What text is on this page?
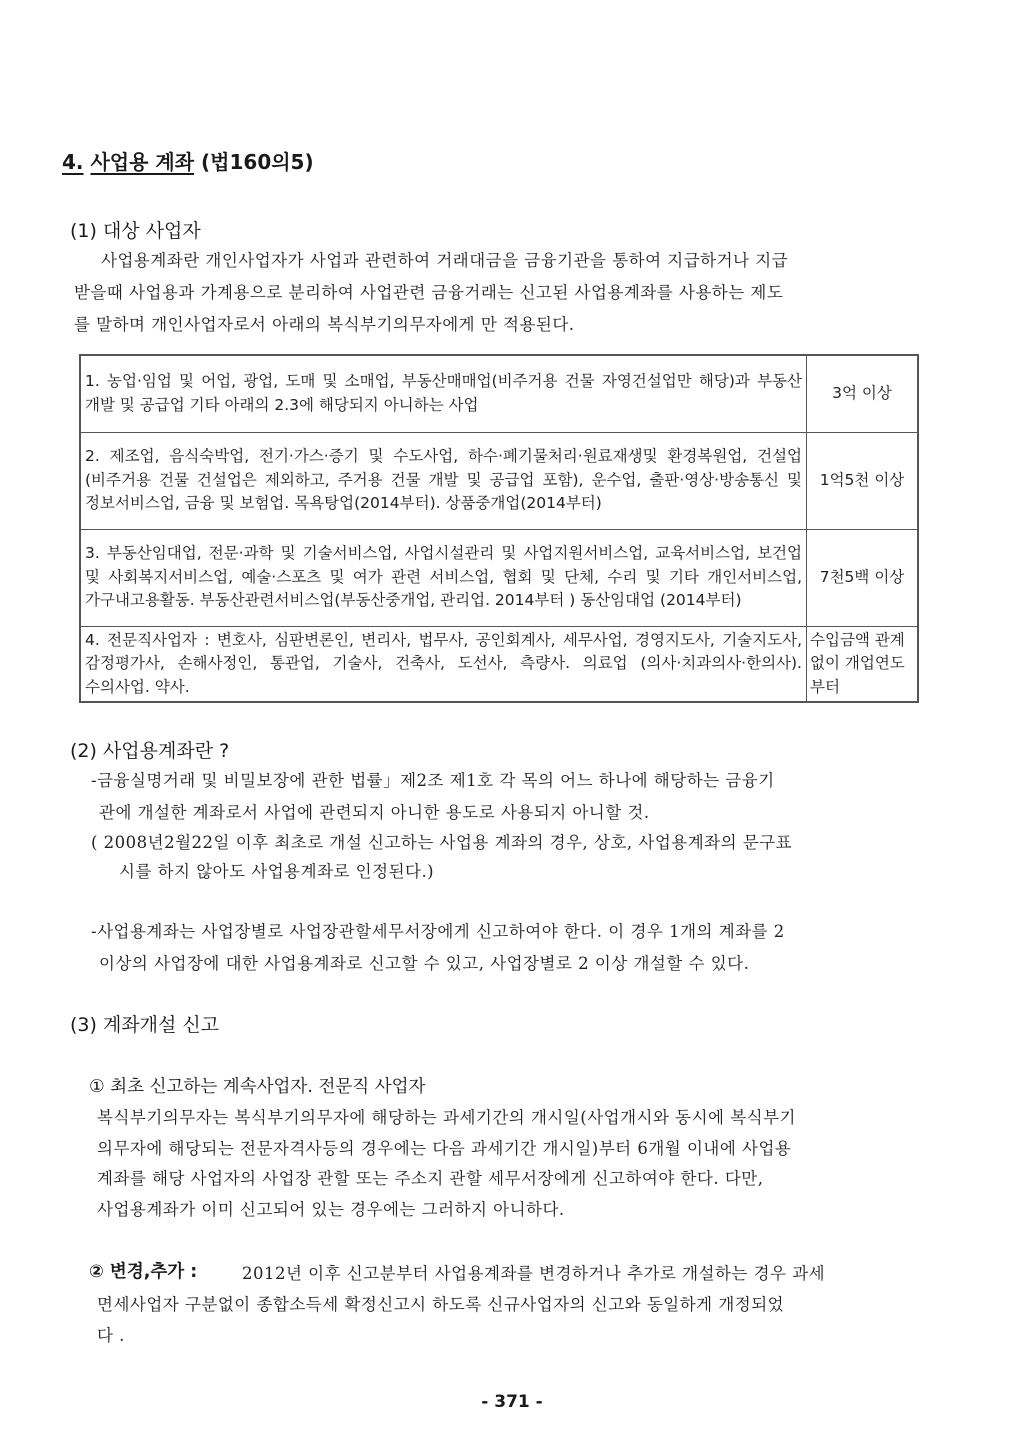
4. 사업용 계좌 (법160의5)
(1) 대상 사업자
사업용계좌란 개인사업자가 사업과 관련하여 거래대금을 금융기관을 통하여 지급하거나 지급
받을때 사업용과 가계용으로 분리하여 사업관련 금융거래는 신고된 사업용계좌를 사용하는 제도
를 말하며 개인사업자로서 아래의 복식부기의무자에게 만 적용된다.
1. 농업·임업 및 어업, 광업, 도매 및 소매업, 부동산매매업(비주거용 건물 자영건설업만 해당)과 부동산 개발 및 공급업 기타 아래의 2.3에 해당되지 아니하는 사업	3억 이상
2. 제조업, 음식숙박업, 전기·가스·증기 및 수도사업, 하수·폐기물처리·원료재생및 환경복원업, 건설업(비주거용 건물 건설업은 제외하고, 주거용 건물 개발 및 공급업 포함), 운수업, 출판·영상·방송통신 및 정보서비스업, 금융 및 보험업. 목욕탕업(2014부터). 상품중개업(2014부터)	1억5천 이상
3. 부동산임대업, 전문·과학 및 기술서비스업, 사업시설관리 및 사업지원서비스업, 교육서비스업, 보건업 및 사회복지서비스업, 예술·스포츠 및 여가 관련 서비스업, 협회 및 단체, 수리 및 기타 개인서비스업, 가구내고용활동. 부동산관련서비스업(부동산중개업, 관리업. 2014부터 ) 동산임대업 (2014부터)	7천5백 이상
4. 전문직사업자 : 변호사, 심판변론인, 변리사, 법무사, 공인회계사, 세무사업, 경영지도사, 기술지도사, 감정평가사, 손해사정인, 통관업, 기술사, 건축사, 도선사, 측량사. 의료업 (의사·치과의사·한의사). 수의사업. 약사.	수입금액 관계없이 개업연도 부터
(2) 사업용계좌란 ?
-금융실명거래 및 비밀보장에 관한 법률」제2조 제1호 각 목의 어느 하나에 해당하는 금융기
관에 개설한 계좌로서 사업에 관련되지 아니한 용도로 사용되지 아니할 것.
( 2008년2월22일 이후 최초로 개설 신고하는 사업용 계좌의 경우, 상호, 사업용계좌의 문구표
시를 하지 않아도 사업용계좌로 인정된다.)
-사업용계좌는 사업장별로 사업장관할세무서장에게 신고하여야 한다. 이 경우 1개의 계좌를 2
이상의 사업장에 대한 사업용계좌로 신고할 수 있고, 사업장별로 2 이상 개설할 수 있다.
(3) 계좌개설 신고
① 최초 신고하는 계속사업자. 전문직 사업자
복식부기의무자는 복식부기의무자에 해당하는 과세기간의 개시일(사업개시와 동시에 복식부기
의무자에 해당되는 전문자격사등의 경우에는 다음 과세기간 개시일)부터 6개월 이내에 사업용
계좌를 해당 사업자의 사업장 관할 또는 주소지 관할 세무서장에게 신고하여야 한다. 다만,
사업용계좌가 이미 신고되어 있는 경우에는 그러하지 아니하다.
② 변경,추가 :	2012년 이후 신고분부터 사업용계좌를 변경하거나 추가로 개설하는 경우 과세
면세사업자 구분없이 종합소득세 확정신고시 하도록 신규사업자의 신고와 동일하게 개정되었
다 .
- 371 -
